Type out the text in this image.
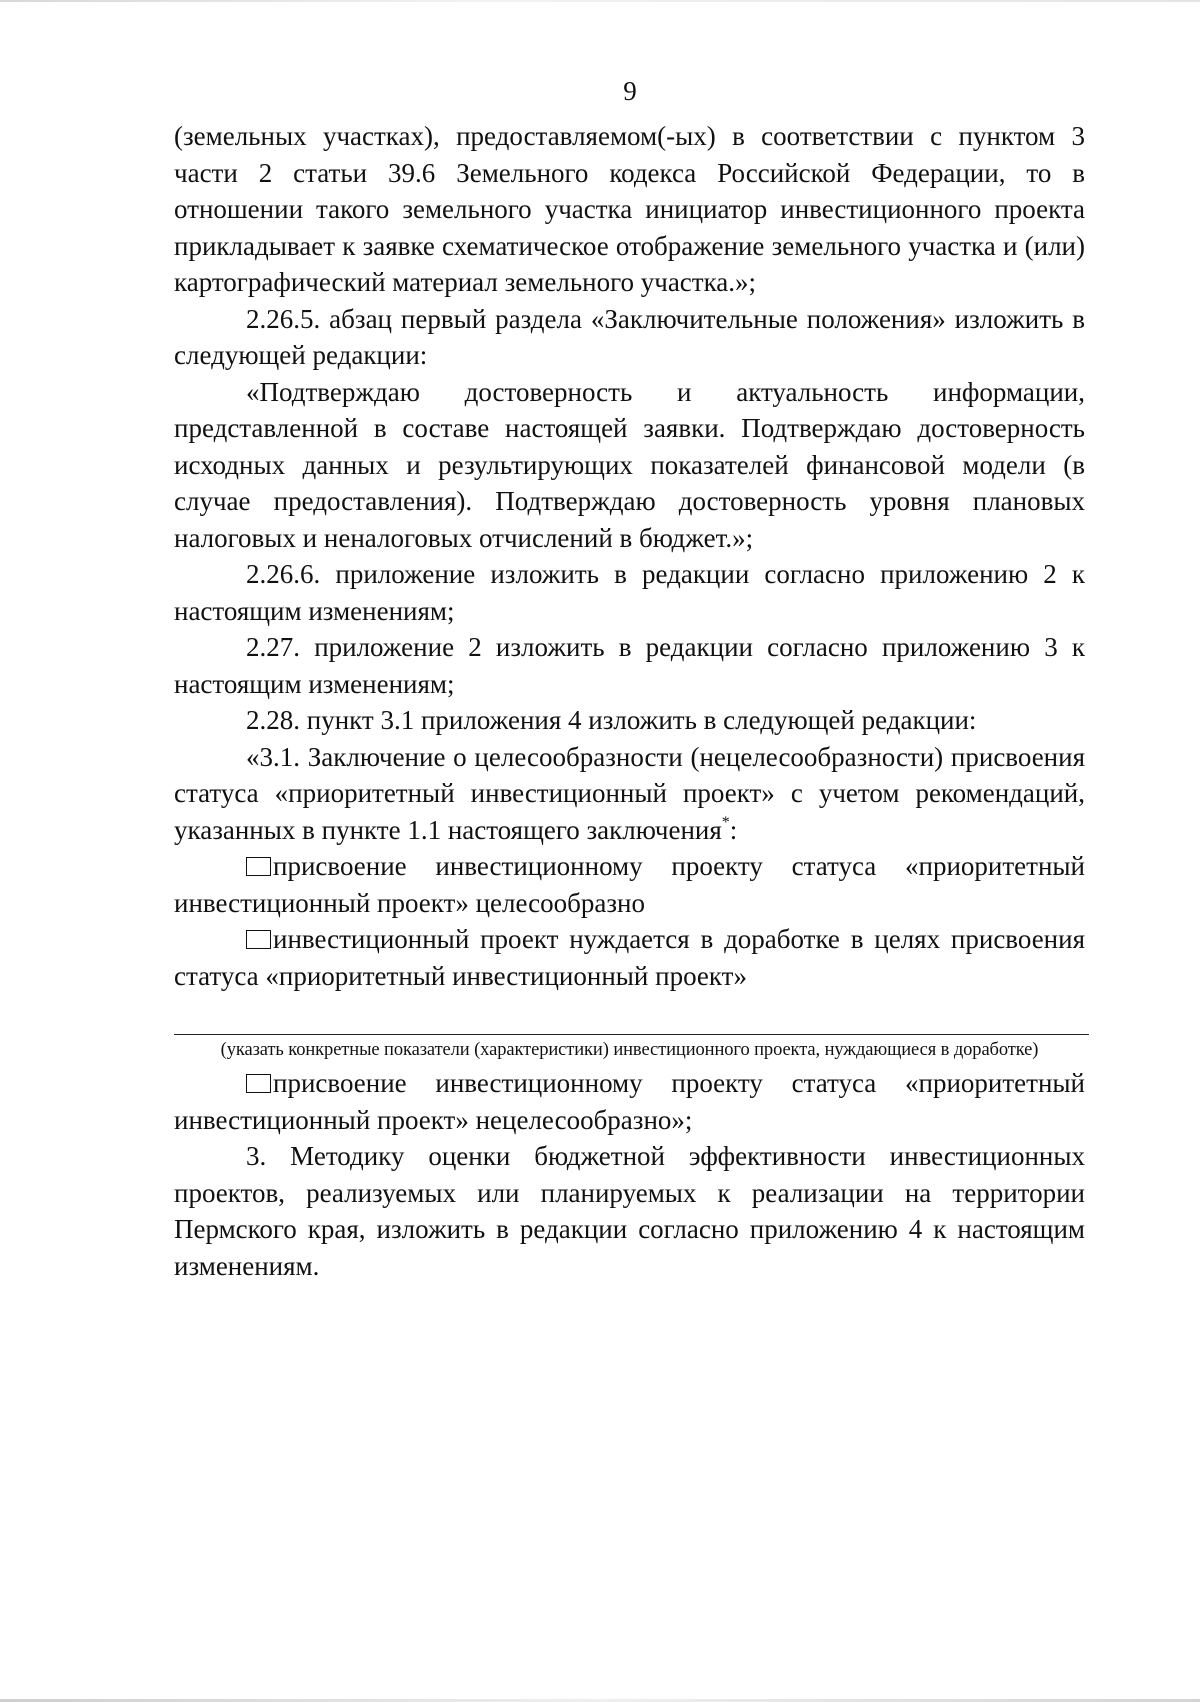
9

(земельных участках), предоставляемом(-ых) в соответствии с пунктом 3 части 2 статьи 39.6 Земельного кодекса Российской Федерации, то в отношении такого земельного участка инициатор инвестиционного проекта прикладывает к заявке схематическое отображение земельного участка и (или) картографический материал земельного участка.»;

2.26.5. абзац первый раздела «Заключительные положения» изложить в следующей редакции:

«Подтверждаю достоверность и актуальность информации, представленной в составе настоящей заявки. Подтверждаю достоверность исходных данных и результирующих показателей финансовой модели (в случае предоставления). Подтверждаю достоверность уровня плановых налоговых и неналоговых отчислений в бюджет.»;

2.26.6. приложение изложить в редакции согласно приложению 2 к настоящим изменениям;

2.27. приложение 2 изложить в редакции согласно приложению 3 к настоящим изменениям;

2.28. пункт 3.1 приложения 4 изложить в следующей редакции:

«3.1. Заключение о целесообразности (нецелесообразности) присвоения статуса «приоритетный инвестиционный проект» с учетом рекомендаций, указанных в пункте 1.1 настоящего заключения*:

присвоение инвестиционному проекту статуса «приоритетный инвестиционный проект» целесообразно

инвестиционный проект нуждается в доработке в целях присвоения статуса «приоритетный инвестиционный проект»

(указать конкретные показатели (характеристики) инвестиционного проекта, нуждающиеся в доработке)

присвоение инвестиционному проекту статуса «приоритетный инвестиционный проект» нецелесообразно»;

3. Методику оценки бюджетной эффективности инвестиционных проектов, реализуемых или планируемых к реализации на территории Пермского края, изложить в редакции согласно приложению 4 к настоящим изменениям.
